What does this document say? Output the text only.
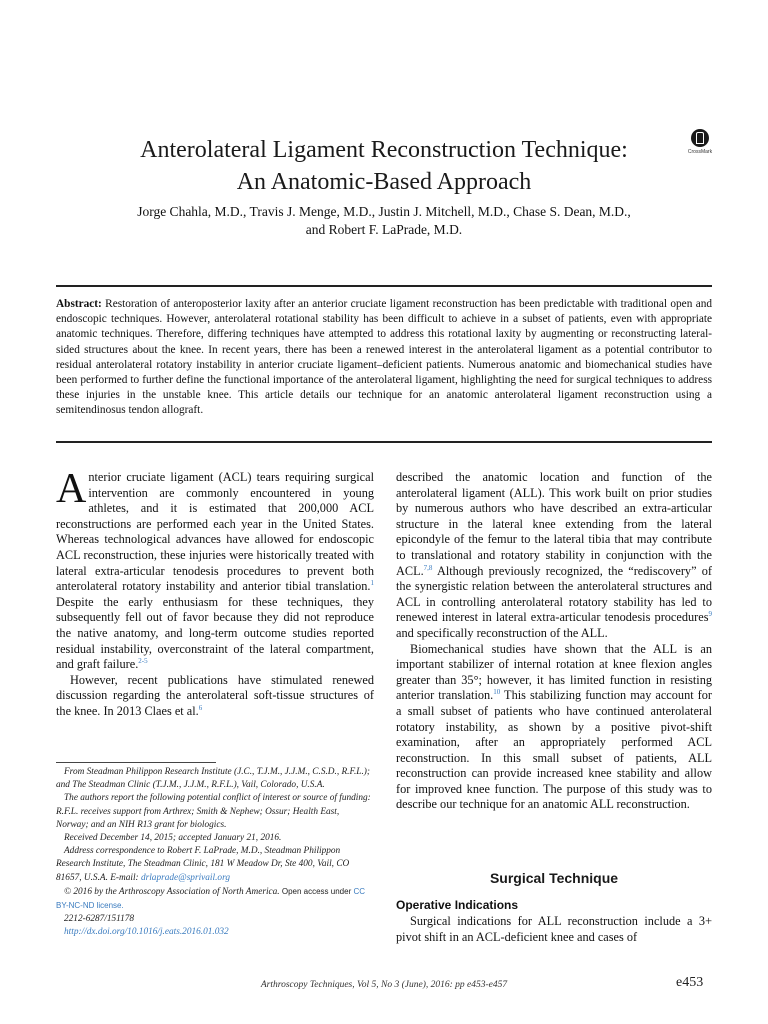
Anterolateral Ligament Reconstruction Technique:
An Anatomic-Based Approach
CrossMark
Jorge Chahla, M.D., Travis J. Menge, M.D., Justin J. Mitchell, M.D., Chase S. Dean, M.D.,
and Robert F. LaPrade, M.D.
Abstract: Restoration of anteroposterior laxity after an anterior cruciate ligament reconstruction has been predictable with traditional open and endoscopic techniques. However, anterolateral rotational stability has been difficult to achieve in a subset of patients, even with appropriate anatomic techniques. Therefore, differing techniques have attempted to address this rotational laxity by augmenting or reconstructing lateral-sided structures about the knee. In recent years, there has been a renewed interest in the anterolateral ligament as a potential contributor to residual anterolateral rotatory instability in anterior cruciate ligament–deficient patients. Numerous anatomic and biomechanical studies have been performed to further define the functional importance of the anterolateral ligament, highlighting the need for surgical techniques to address these injuries in the unstable knee. This article details our technique for an anatomic anterolateral ligament reconstruction using a semitendinosus tendon allograft.

Anterior cruciate ligament (ACL) tears requiring surgical intervention are commonly encountered in young athletes, and it is estimated that 200,000 ACL reconstructions are performed each year in the United States. Whereas technological advances have allowed for endoscopic ACL reconstruction, these injuries were historically treated with lateral extra-articular tenodesis procedures to prevent both anterolateral rotatory instability and anterior tibial translation.$^1$ Despite the early enthusiasm for these techniques, they subsequently fell out of favor because they did not reproduce the native anatomy, and long-term outcome studies reported residual instability, overconstraint of the lateral compartment, and graft failure.$^{2-5}$

However, recent publications have stimulated renewed discussion regarding the anterolateral soft-tissue structures of the knee. In 2013 Claes et al.$^6$

described the anatomic location and function of the anterolateral ligament (ALL). This work built on prior studies by numerous authors who have described an extra-articular structure in the lateral knee extending from the lateral epicondyle of the femur to the lateral tibia that may contribute to translational and rotatory stability in conjunction with the ACL.$^{7,8}$ Although previously recognized, the “rediscovery” of the synergistic relation between the anterolateral structures and ACL in controlling anterolateral rotatory stability has led to renewed interest in lateral extra-articular tenodesis procedures$^9$ and specifically reconstruction of the ALL.

Biomechanical studies have shown that the ALL is an important stabilizer of internal rotation at knee flexion angles greater than 35°; however, it has limited function in resisting anterior translation.$^{10}$ This stabilizing function may account for a small subset of patients who have continued anterolateral rotatory instability, as shown by a positive pivot-shift examination, after an appropriately performed ACL reconstruction. In this small subset of patients, ALL reconstruction can provide increased knee stability and allow for improved knee function. The purpose of this study was to describe our technique for an anatomic ALL reconstruction.

From Steadman Philippon Research Institute (J.C., T.J.M., J.J.M., C.S.D., R.F.L.); and The Steadman Clinic (T.J.M., J.J.M., R.F.L.), Vail, Colorado, U.S.A.

The authors report the following potential conflict of interest or source of funding: R.F.L. receives support from Arthrex; Smith & Nephew; Ossur; Health East, Norway; and an NIH R13 grant for biologics.

Received December 14, 2015; accepted January 21, 2016.

Address correspondence to Robert F. LaPrade, M.D., Steadman Philippon Research Institute, The Steadman Clinic, 181 W Meadow Dr, Ste 400, Vail, CO 81657, U.S.A. E-mail: drlaprade@sprivail.org

© 2016 by the Arthroscopy Association of North America. Open access under CC BY-NC-ND license.

2212-6287/151178

http://dx.doi.org/10.1016/j.eats.2016.01.032

Surgical Technique
Operative Indications

Surgical indications for ALL reconstruction include a 3+ pivot shift in an ACL-deficient knee and cases of

Arthroscopy Techniques, Vol 5, No 3 (June), 2016: pp e453-e457	e453
